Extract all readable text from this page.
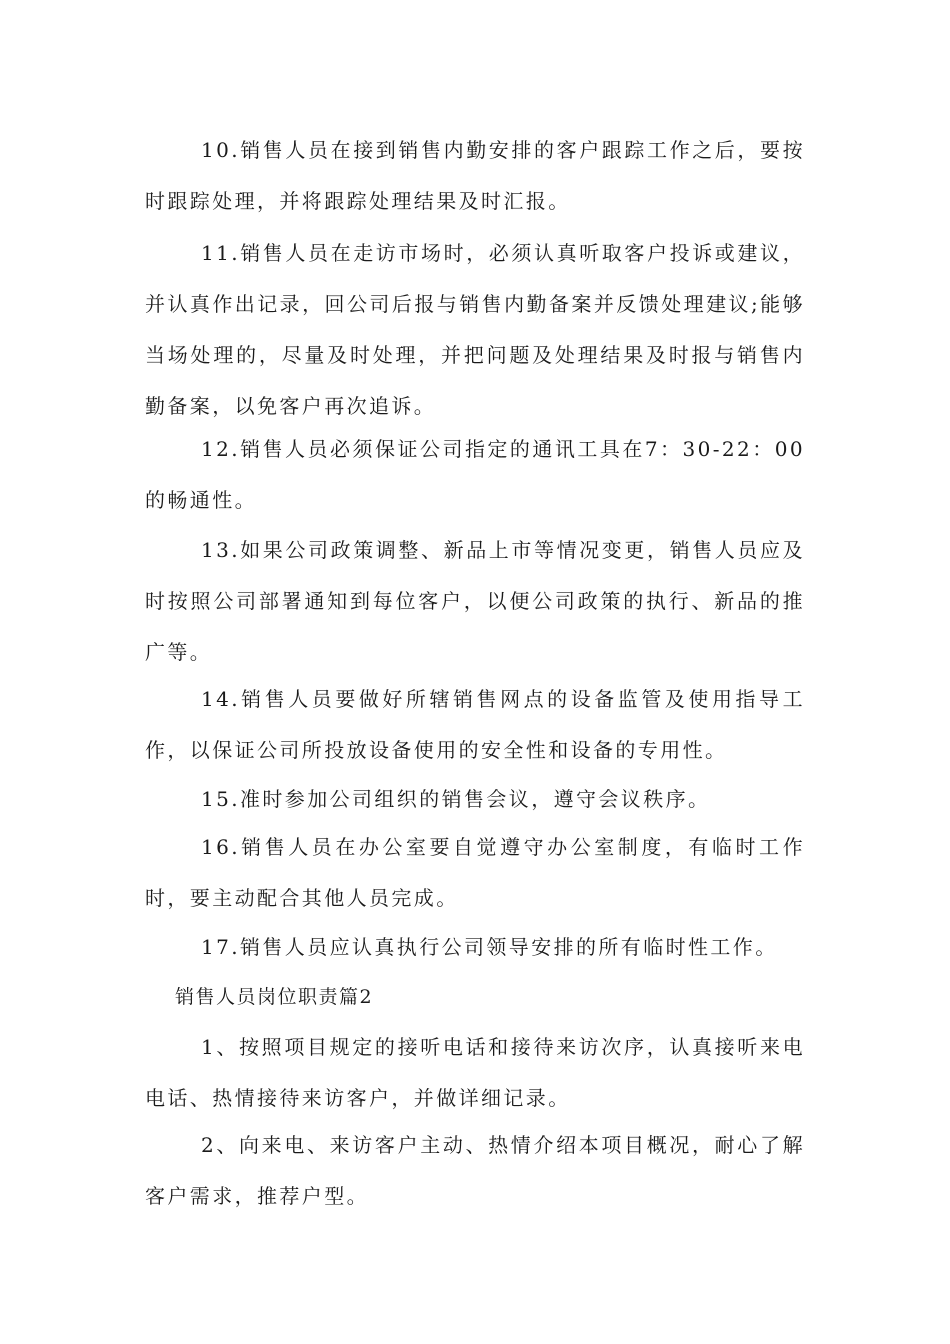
10.销售人员在接到销售内勤安排的客户跟踪工作之后，要按时跟踪处理，并将跟踪处理结果及时汇报。

11.销售人员在走访市场时，必须认真听取客户投诉或建议，并认真作出记录，回公司后报与销售内勤备案并反馈处理建议;能够当场处理的，尽量及时处理，并把问题及处理结果及时报与销售内勤备案，以免客户再次追诉。

12.销售人员必须保证公司指定的通讯工具在7：30-22：00的畅通性。

13.如果公司政策调整、新品上市等情况变更，销售人员应及时按照公司部署通知到每位客户，以便公司政策的执行、新品的推广等。

14.销售人员要做好所辖销售网点的设备监管及使用指导工作，以保证公司所投放设备使用的安全性和设备的专用性。

15.准时参加公司组织的销售会议，遵守会议秩序。

16.销售人员在办公室要自觉遵守办公室制度，有临时工作时，要主动配合其他人员完成。

17.销售人员应认真执行公司领导安排的所有临时性工作。

销售人员岗位职责篇2

1、按照项目规定的接听电话和接待来访次序，认真接听来电电话、热情接待来访客户，并做详细记录。

2、向来电、来访客户主动、热情介绍本项目概况，耐心了解客户需求，推荐户型。
